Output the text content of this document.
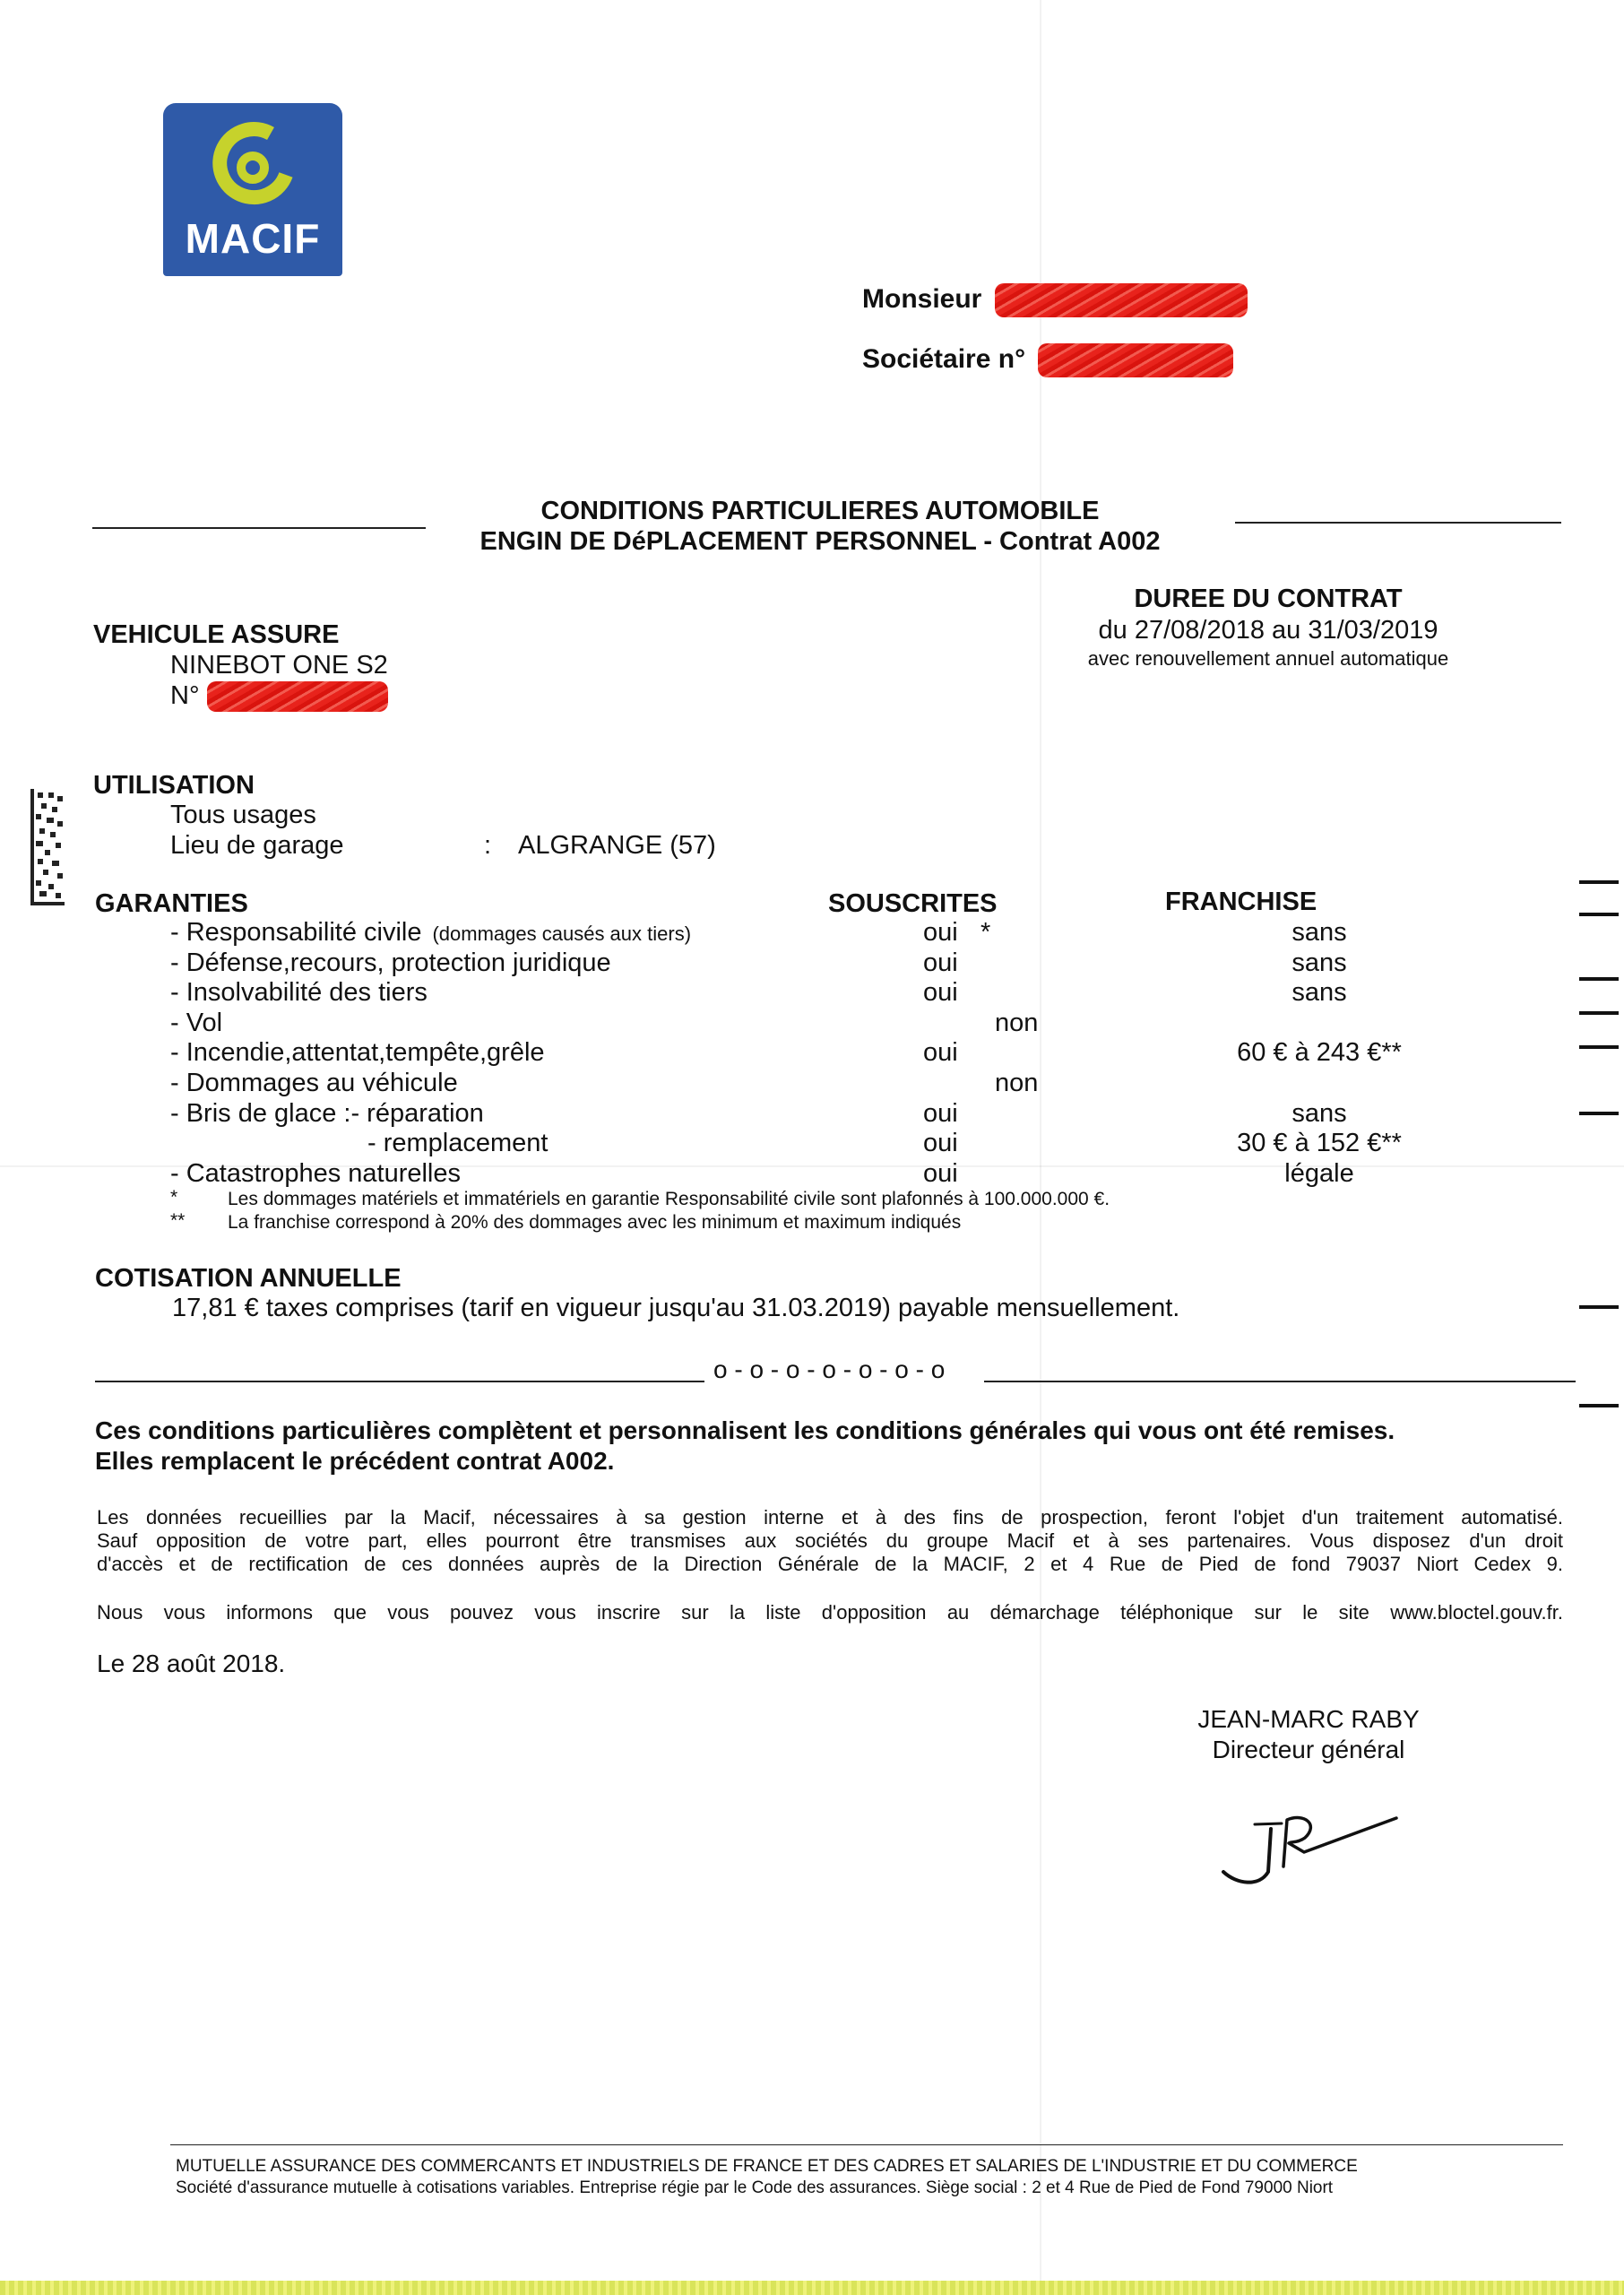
MACIF
Monsieur
Sociétaire n°
CONDITIONS PARTICULIERES AUTOMOBILE
ENGIN DE DéPLACEMENT PERSONNEL - Contrat A002
VEHICULE ASSURE
NINEBOT ONE S2
N°
DUREE DU CONTRAT
du 27/08/2018 au 31/03/2019
avec renouvellement annuel automatique
UTILISATION
Tous usages
Lieu de garage	: ALGRANGE (57)
GARANTIES	SOUSCRITES	FRANCHISE
- Responsabilité civile (dommages causés aux tiers)	oui *	sans
- Défense,recours, protection juridique	oui	sans
- Insolvabilité des tiers	oui	sans
- Vol	non
- Incendie,attentat,tempête,grêle	oui	60 € à 243 €**
- Dommages au véhicule	non
- Bris de glace :- réparation	oui	sans
- remplacement	oui	30 € à 152 €**
- Catastrophes naturelles	oui	légale
*	Les dommages matériels et immatériels en garantie Responsabilité civile sont plafonnés à 100.000.000 €.
** La franchise correspond à 20% des dommages avec les minimum et maximum indiqués
COTISATION ANNUELLE
17,81 € taxes comprises (tarif en vigueur jusqu'au 31.03.2019) payable mensuellement.
o - o - o - o - o - o - o
Ces conditions particulières complètent et personnalisent les conditions générales qui vous ont été remises.
Elles remplacent le précédent contrat A002.
Les données recueillies par la Macif, nécessaires à sa gestion interne et à des fins de prospection, feront l'objet d'un traitement automatisé.
Sauf opposition de votre part, elles pourront être transmises aux sociétés du groupe Macif et à ses partenaires. Vous disposez d'un droit
d'accès et de rectification de ces données auprès de la Direction Générale de la MACIF, 2 et 4 Rue de Pied de fond 79037 Niort Cedex 9.
Nous vous informons que vous pouvez vous inscrire sur la liste d'opposition au démarchage téléphonique sur le site www.bloctel.gouv.fr.
Le 28 août 2018.
JEAN-MARC RABY
Directeur général
MUTUELLE ASSURANCE DES COMMERCANTS ET INDUSTRIELS DE FRANCE ET DES CADRES ET SALARIES DE L'INDUSTRIE ET DU COMMERCE
Société d'assurance mutuelle à cotisations variables. Entreprise régie par le Code des assurances. Siège social : 2 et 4 Rue de Pied de Fond 79000 Niort
